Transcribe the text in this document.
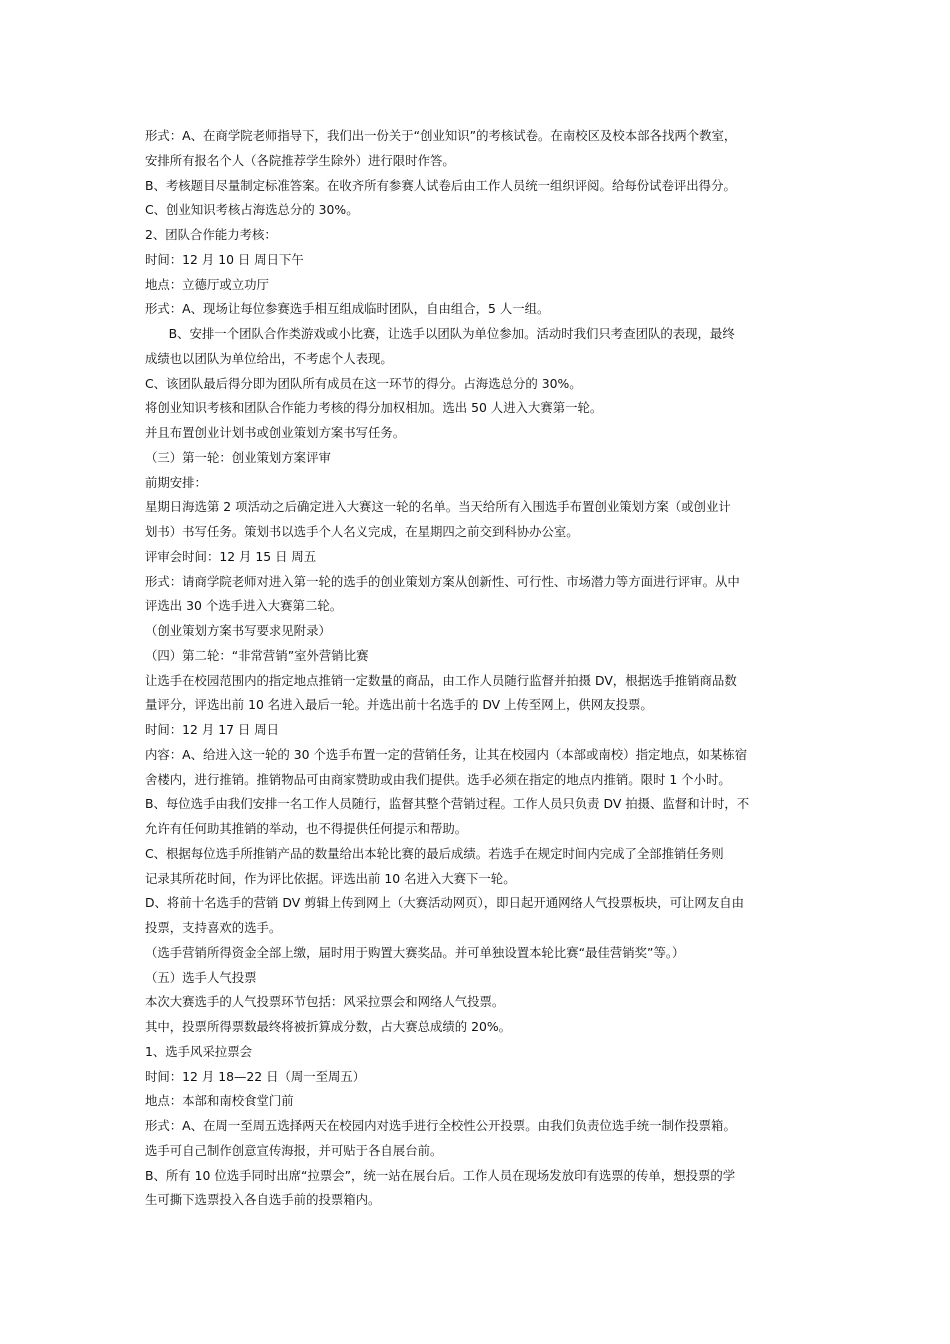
形式：A、在商学院老师指导下，我们出一份关于“创业知识”的考核试卷。在南校区及校本部各找两个教室，
安排所有报名个人（各院推荐学生除外）进行限时作答。
B、考核题目尽量制定标准答案。在收齐所有参赛人试卷后由工作人员统一组织评阅。给每份试卷评出得分。
C、创业知识考核占海选总分的 30%。
2、团队合作能力考核：
时间：12 月 10 日 周日下午
地点：立德厅或立功厅
形式：A、现场让每位参赛选手相互组成临时团队，自由组合，5 人一组。
B、安排一个团队合作类游戏或小比赛，让选手以团队为单位参加。活动时我们只考查团队的表现，最终
成绩也以团队为单位给出，不考虑个人表现。
C、该团队最后得分即为团队所有成员在这一环节的得分。占海选总分的 30%。
将创业知识考核和团队合作能力考核的得分加权相加。选出 50 人进入大赛第一轮。
并且布置创业计划书或创业策划方案书写任务。
（三）第一轮：创业策划方案评审
前期安排：
星期日海选第 2 项活动之后确定进入大赛这一轮的名单。当天给所有入围选手布置创业策划方案（或创业计
划书）书写任务。策划书以选手个人名义完成，在星期四之前交到科协办公室。
评审会时间：12 月 15 日 周五
形式：请商学院老师对进入第一轮的选手的创业策划方案从创新性、可行性、市场潜力等方面进行评审。从中
评选出 30 个选手进入大赛第二轮。
（创业策划方案书写要求见附录）
（四）第二轮：“非常营销”室外营销比赛
让选手在校园范围内的指定地点推销一定数量的商品，由工作人员随行监督并拍摄 DV，根据选手推销商品数
量评分，评选出前 10 名进入最后一轮。并选出前十名选手的 DV 上传至网上，供网友投票。
时间：12 月 17 日 周日
内容：A、给进入这一轮的 30 个选手布置一定的营销任务，让其在校园内（本部或南校）指定地点，如某栋宿
舍楼内，进行推销。推销物品可由商家赞助或由我们提供。选手必须在指定的地点内推销。限时 1 个小时。
B、每位选手由我们安排一名工作人员随行，监督其整个营销过程。工作人员只负责 DV 拍摄、监督和计时，不
允许有任何助其推销的举动，也不得提供任何提示和帮助。
C、根据每位选手所推销产品的数量给出本轮比赛的最后成绩。若选手在规定时间内完成了全部推销任务则
记录其所花时间，作为评比依据。评选出前 10 名进入大赛下一轮。
D、将前十名选手的营销 DV 剪辑上传到网上（大赛活动网页），即日起开通网络人气投票板块，可让网友自由
投票，支持喜欢的选手。
（选手营销所得资金全部上缴，届时用于购置大赛奖品。并可单独设置本轮比赛“最佳营销奖”等。）
（五）选手人气投票
本次大赛选手的人气投票环节包括：风采拉票会和网络人气投票。
其中，投票所得票数最终将被折算成分数，占大赛总成绩的 20%。
1、选手风采拉票会
时间：12 月 18—22 日（周一至周五）
地点：本部和南校食堂门前
形式：A、在周一至周五选择两天在校园内对选手进行全校性公开投票。由我们负责位选手统一制作投票箱。
选手可自己制作创意宣传海报，并可贴于各自展台前。
B、所有 10 位选手同时出席“拉票会”，统一站在展台后。工作人员在现场发放印有选票的传单，想投票的学
生可撕下选票投入各自选手前的投票箱内。
